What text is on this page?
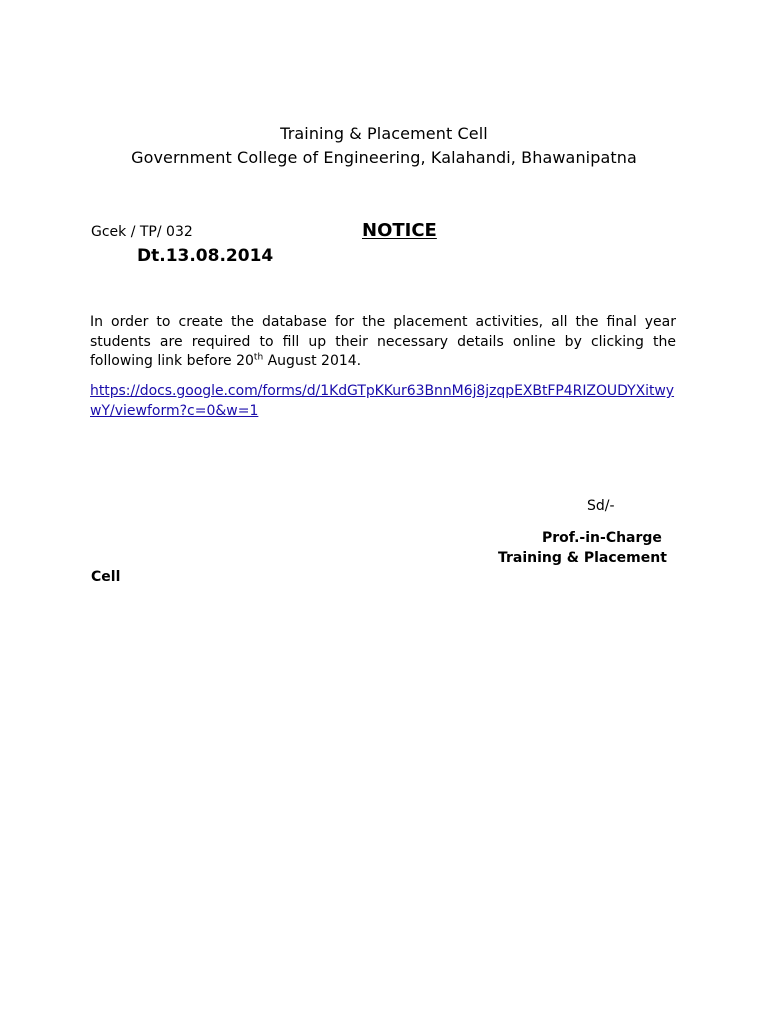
Training & Placement Cell
Government College of Engineering, Kalahandi, Bhawanipatna
Gcek / TP/ 032	NOTICE
Dt.13.08.2014
In order to create the database for the placement activities, all the final year students are required to fill up their necessary details online by clicking the following link before 20th August 2014.
https://docs.google.com/forms/d/1KdGTpKKur63BnnM6j8jzqpEXBtFP4RIZOUDYXitwy
wY/viewform?c=0&w=1
Sd/-
Prof.-in-Charge
Training & Placement
Cell
